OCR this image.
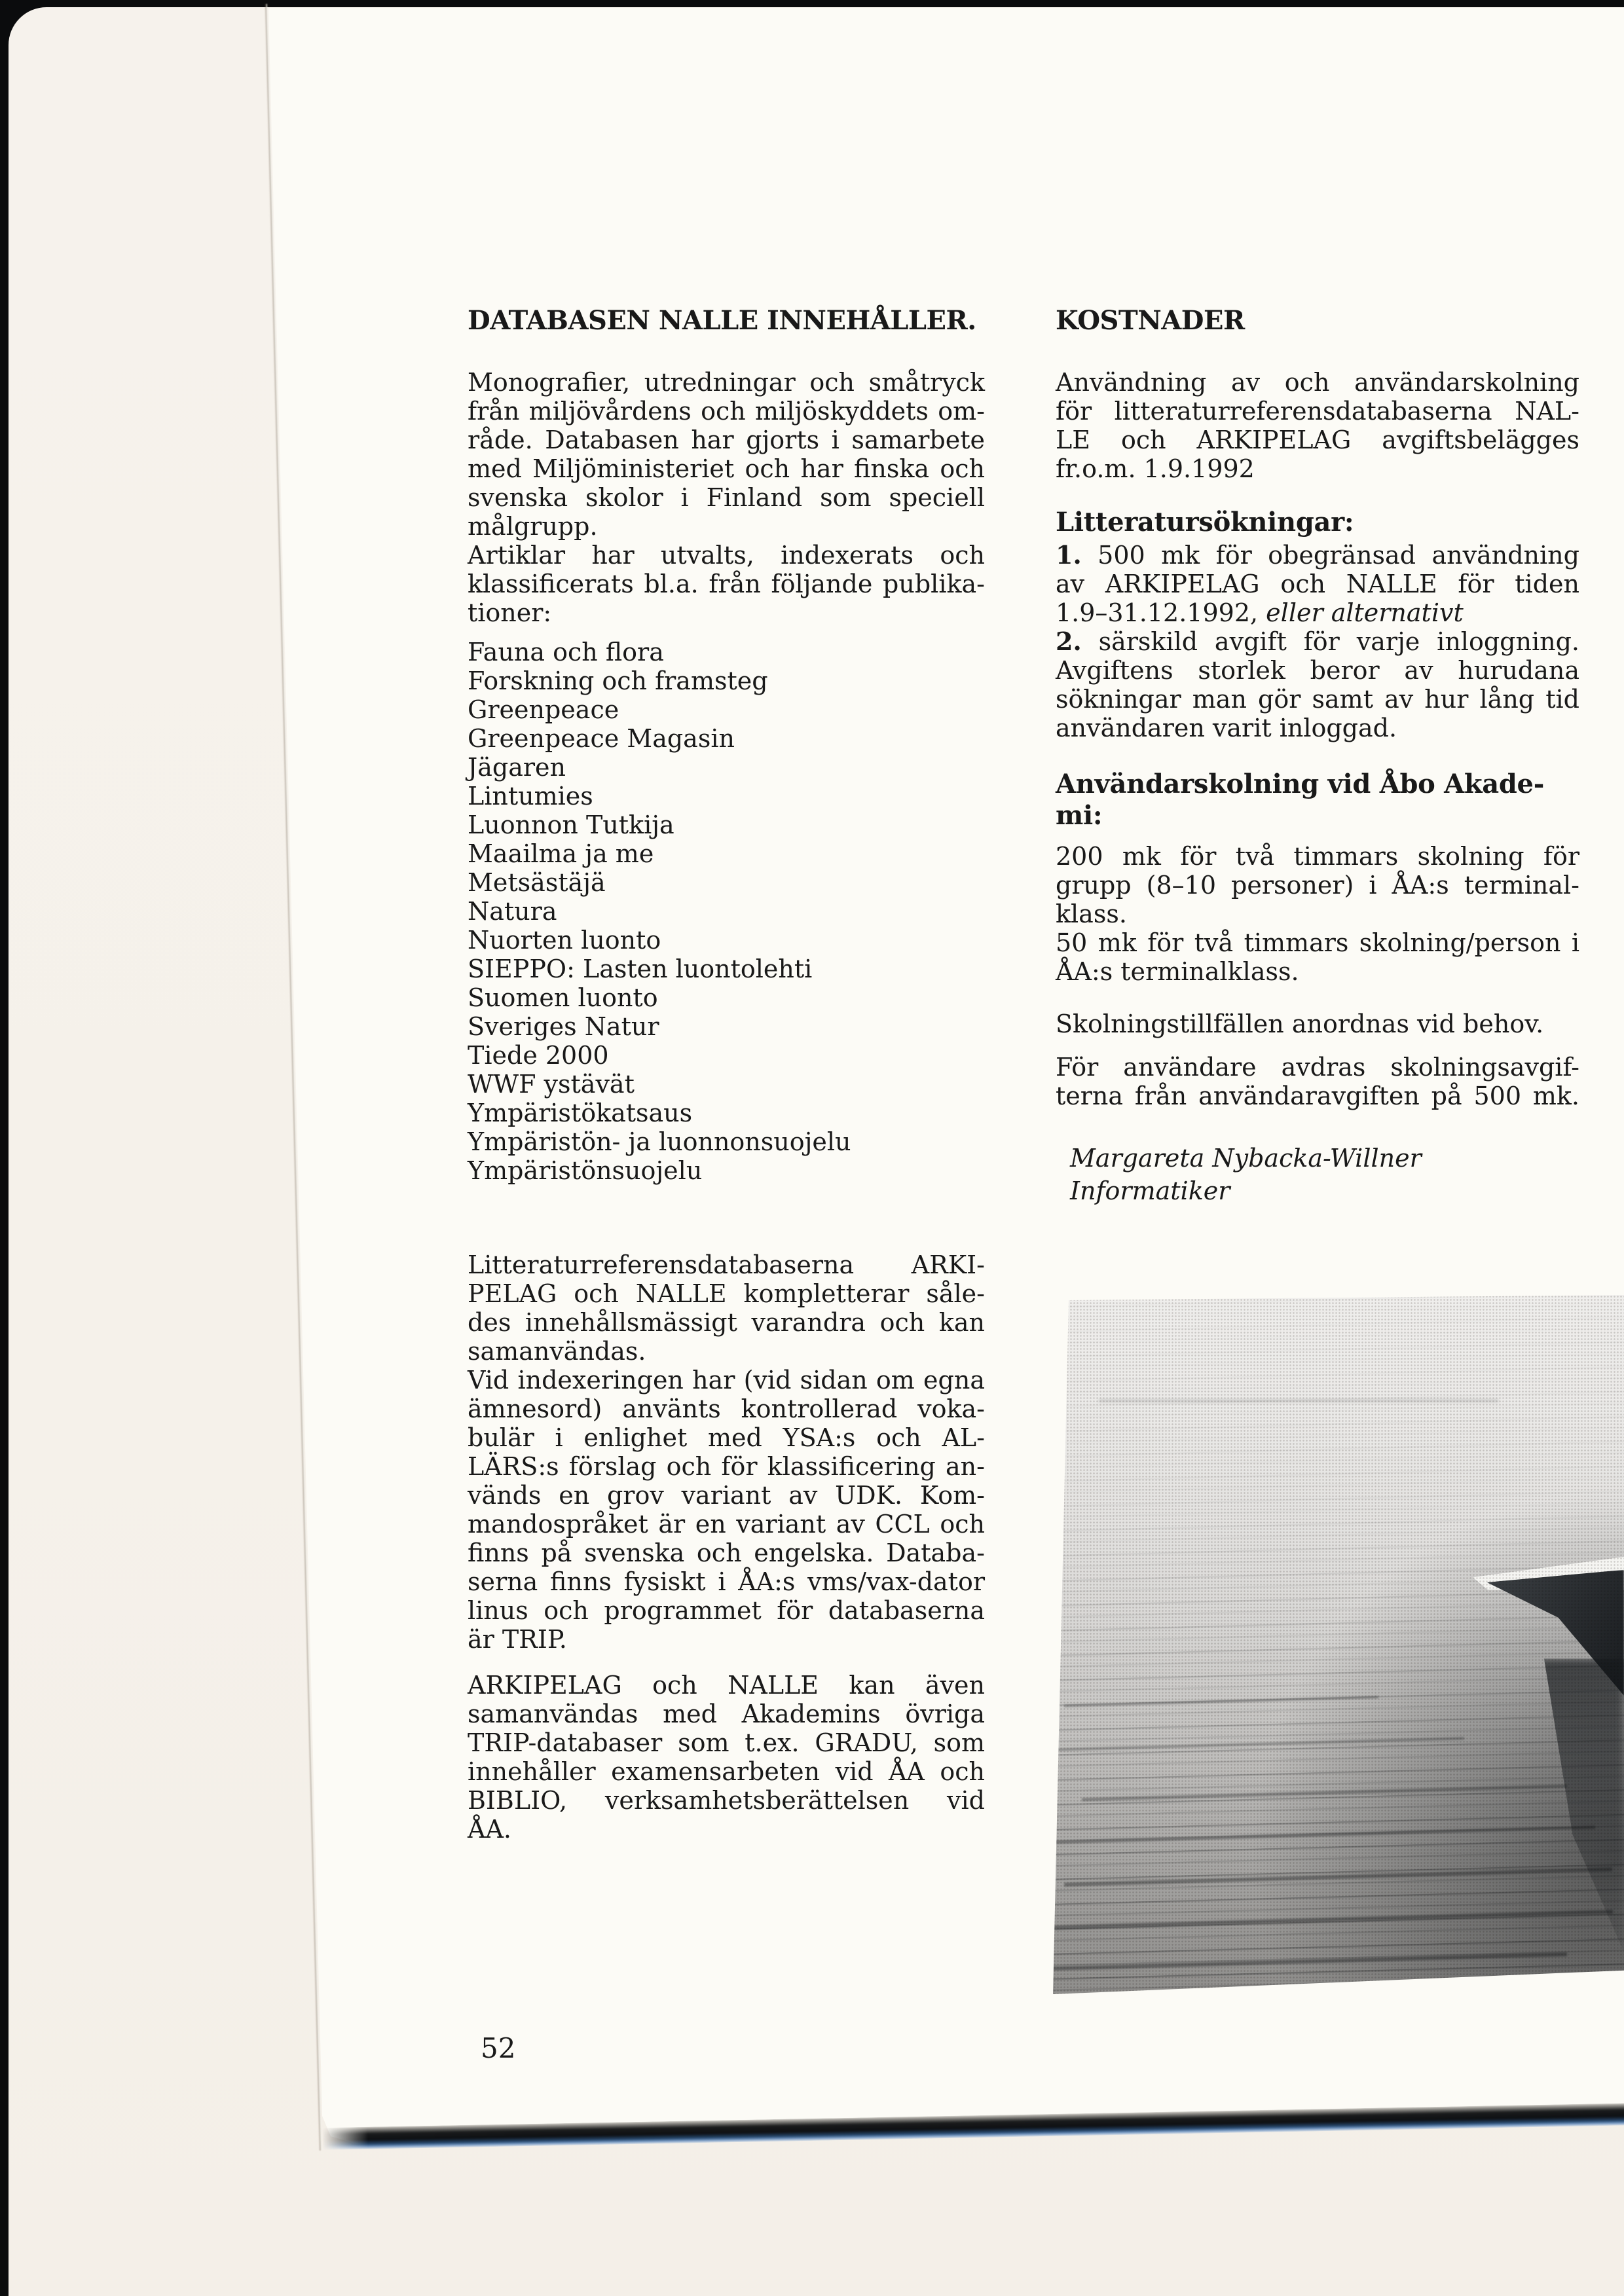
DATABASEN NALLE INNEHÅLLER.
Monografier, utredningar och småtryck
från miljövårdens och miljöskyddets om-
råde. Databasen har gjorts i samarbete
med Miljöministeriet och har finska och
svenska skolor i Finland som speciell
målgrupp.
Artiklar har utvalts, indexerats och
klassificerats bl.a. från följande publika-
tioner:
Fauna och flora
Forskning och framsteg
Greenpeace
Greenpeace Magasin
Jägaren
Lintumies
Luonnon Tutkija
Maailma ja me
Metsästäjä
Natura
Nuorten luonto
SIEPPO: Lasten luontolehti
Suomen luonto
Sveriges Natur
Tiede 2000
WWF ystävät
Ympäristökatsaus
Ympäristön- ja luonnonsuojelu
Ympäristönsuojelu
Litteraturreferensdatabaserna ARKI-
PELAG och NALLE kompletterar såle-
des innehållsmässigt varandra och kan
samanvändas.
Vid indexeringen har (vid sidan om egna
ämnesord) använts kontrollerad voka-
bulär i enlighet med YSA:s och AL-
LÄRS:s förslag och för klassificering an-
vänds en grov variant av UDK. Kom-
mandospråket är en variant av CCL och
finns på svenska och engelska. Databa-
serna finns fysiskt i ÅA:s vms/vax-dator
linus och programmet för databaserna
är TRIP.
ARKIPELAG och NALLE kan även
samanvändas med Akademins övriga
TRIP-databaser som t.ex. GRADU, som
innehåller examensarbeten vid ÅA och
BIBLIO, verksamhetsberättelsen vid
ÅA.
KOSTNADER
Användning av och användarskolning
för litteraturreferensdatabaserna NAL-
LE och ARKIPELAG avgiftsbelägges
fr.o.m. 1.9.1992
Litteratursökningar:
1. 500 mk för obegränsad användning
av ARKIPELAG och NALLE för tiden
1.9–31.12.1992, eller alternativt
2. särskild avgift för varje inloggning.
Avgiftens storlek beror av hurudana
sökningar man gör samt av hur lång tid
användaren varit inloggad.
Användarskolning vid Åbo Akade-
mi:
200 mk för två timmars skolning för
grupp (8–10 personer) i ÅA:s terminal-
klass.
50 mk för två timmars skolning/person i
ÅA:s terminalklass.
Skolningstillfällen anordnas vid behov.
För användare avdras skolningsavgif-
terna från användaravgiften på 500 mk.
Margareta Nybacka-Willner
Informatiker
52
